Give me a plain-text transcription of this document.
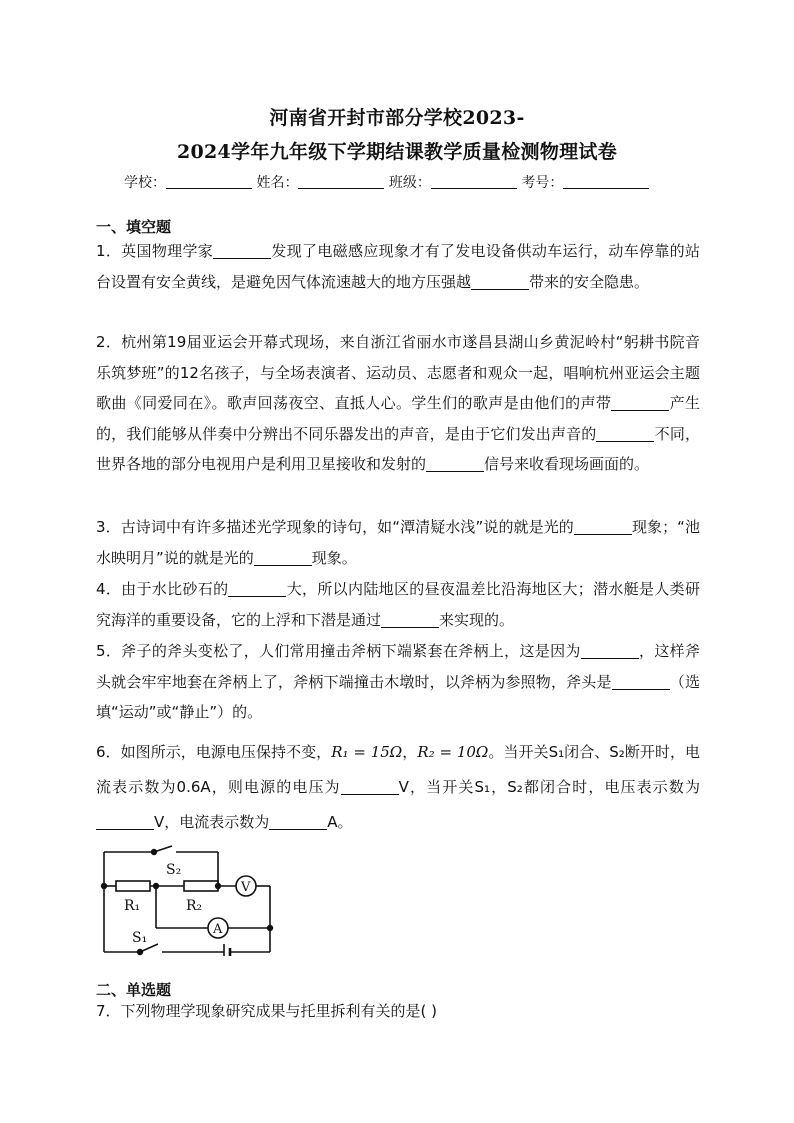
河南省开封市部分学校2023-
2024学年九年级下学期结课教学质量检测物理试卷
学校：	姓名：	班级：	考号：
一、填空题
1．英国物理学家	发现了电磁感应现象才有了发电设备供动车运行，动车停靠的站台设置有安全黄线，是避免因气体流速越大的地方压强越	带来的安全隐患。
2．杭州第19届亚运会开幕式现场，来自浙江省丽水市遂昌县湖山乡黄泥岭村“躬耕书院音乐筑梦班”的12名孩子，与全场表演者、运动员、志愿者和观众一起，唱响杭州亚运会主题歌曲《同爱同在》。歌声回荡夜空、直抵人心。学生们的歌声是由他们的声带	产生的，我们能够从伴奏中分辨出不同乐器发出的声音，是由于它们发出声音的	不同，世界各地的部分电视用户是利用卫星接收和发射的	信号来收看现场画面的。
3．古诗词中有许多描述光学现象的诗句，如“潭清疑水浅”说的就是光的	现象；“池水映明月”说的就是光的	现象。
4．由于水比砂石的	大，所以内陆地区的昼夜温差比沿海地区大；潜水艇是人类研究海洋的重要设备，它的上浮和下潜是通过	来实现的。
5．斧子的斧头变松了，人们常用撞击斧柄下端紧套在斧柄上，这是因为	，这样斧头就会牢牢地套在斧柄上了，斧柄下端撞击木墩时，以斧柄为参照物，斧头是	（选填“运动”或“静止”）的。
6．如图所示，电源电压保持不变，R₁ = 15Ω，R₂ = 10Ω。当开关S₁闭合、S₂断开时，电流表示数为0.6A，则电源的电压为	V，当开关S₁，S₂都闭合时，电压表示数为V，电流表示数为	A。
S₂
V
R₁	R₂
A
S₁
二、单选题
7．下列物理学现象研究成果与托里拆利有关的是( )
